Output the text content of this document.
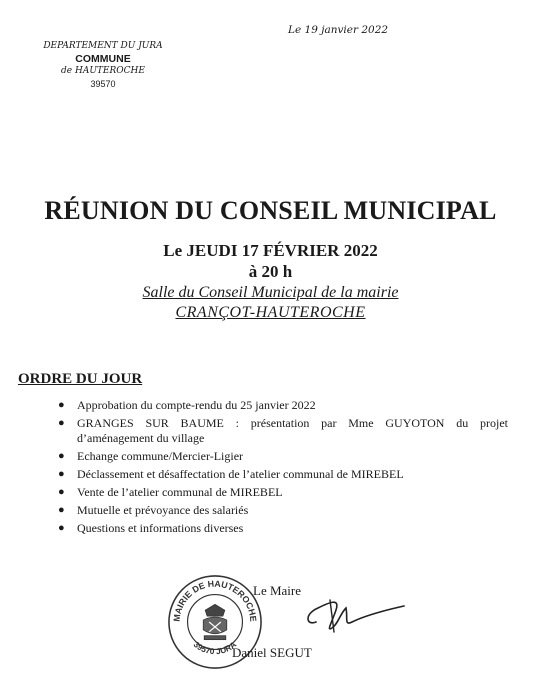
Le 19 janvier 2022
DEPARTEMENT DU JURA
COMMUNE
de HAUTEROCHE
39570
RÉUNION DU CONSEIL MUNICIPAL
Le JEUDI 17 FÉVRIER 2022
à 20 h
Salle du Conseil Municipal de la mairie
CRANÇOT-HAUTEROCHE
ORDRE DU JOUR
● Approbation du compte-rendu du 25 janvier 2022
● GRANGES SUR BAUME : présentation par Mme GUYOTON du projet d’aménagement du village
● Echange commune/Mercier-Ligier
● Déclassement et désaffectation de l’atelier communal de MIREBEL
● Vente de l’atelier communal de MIREBEL
● Mutuelle et prévoyance des salariés
● Questions et informations diverses
MAIRIE DE HAUTEROCHE
39570 JURA
Le Maire
Daniel SEGUT
